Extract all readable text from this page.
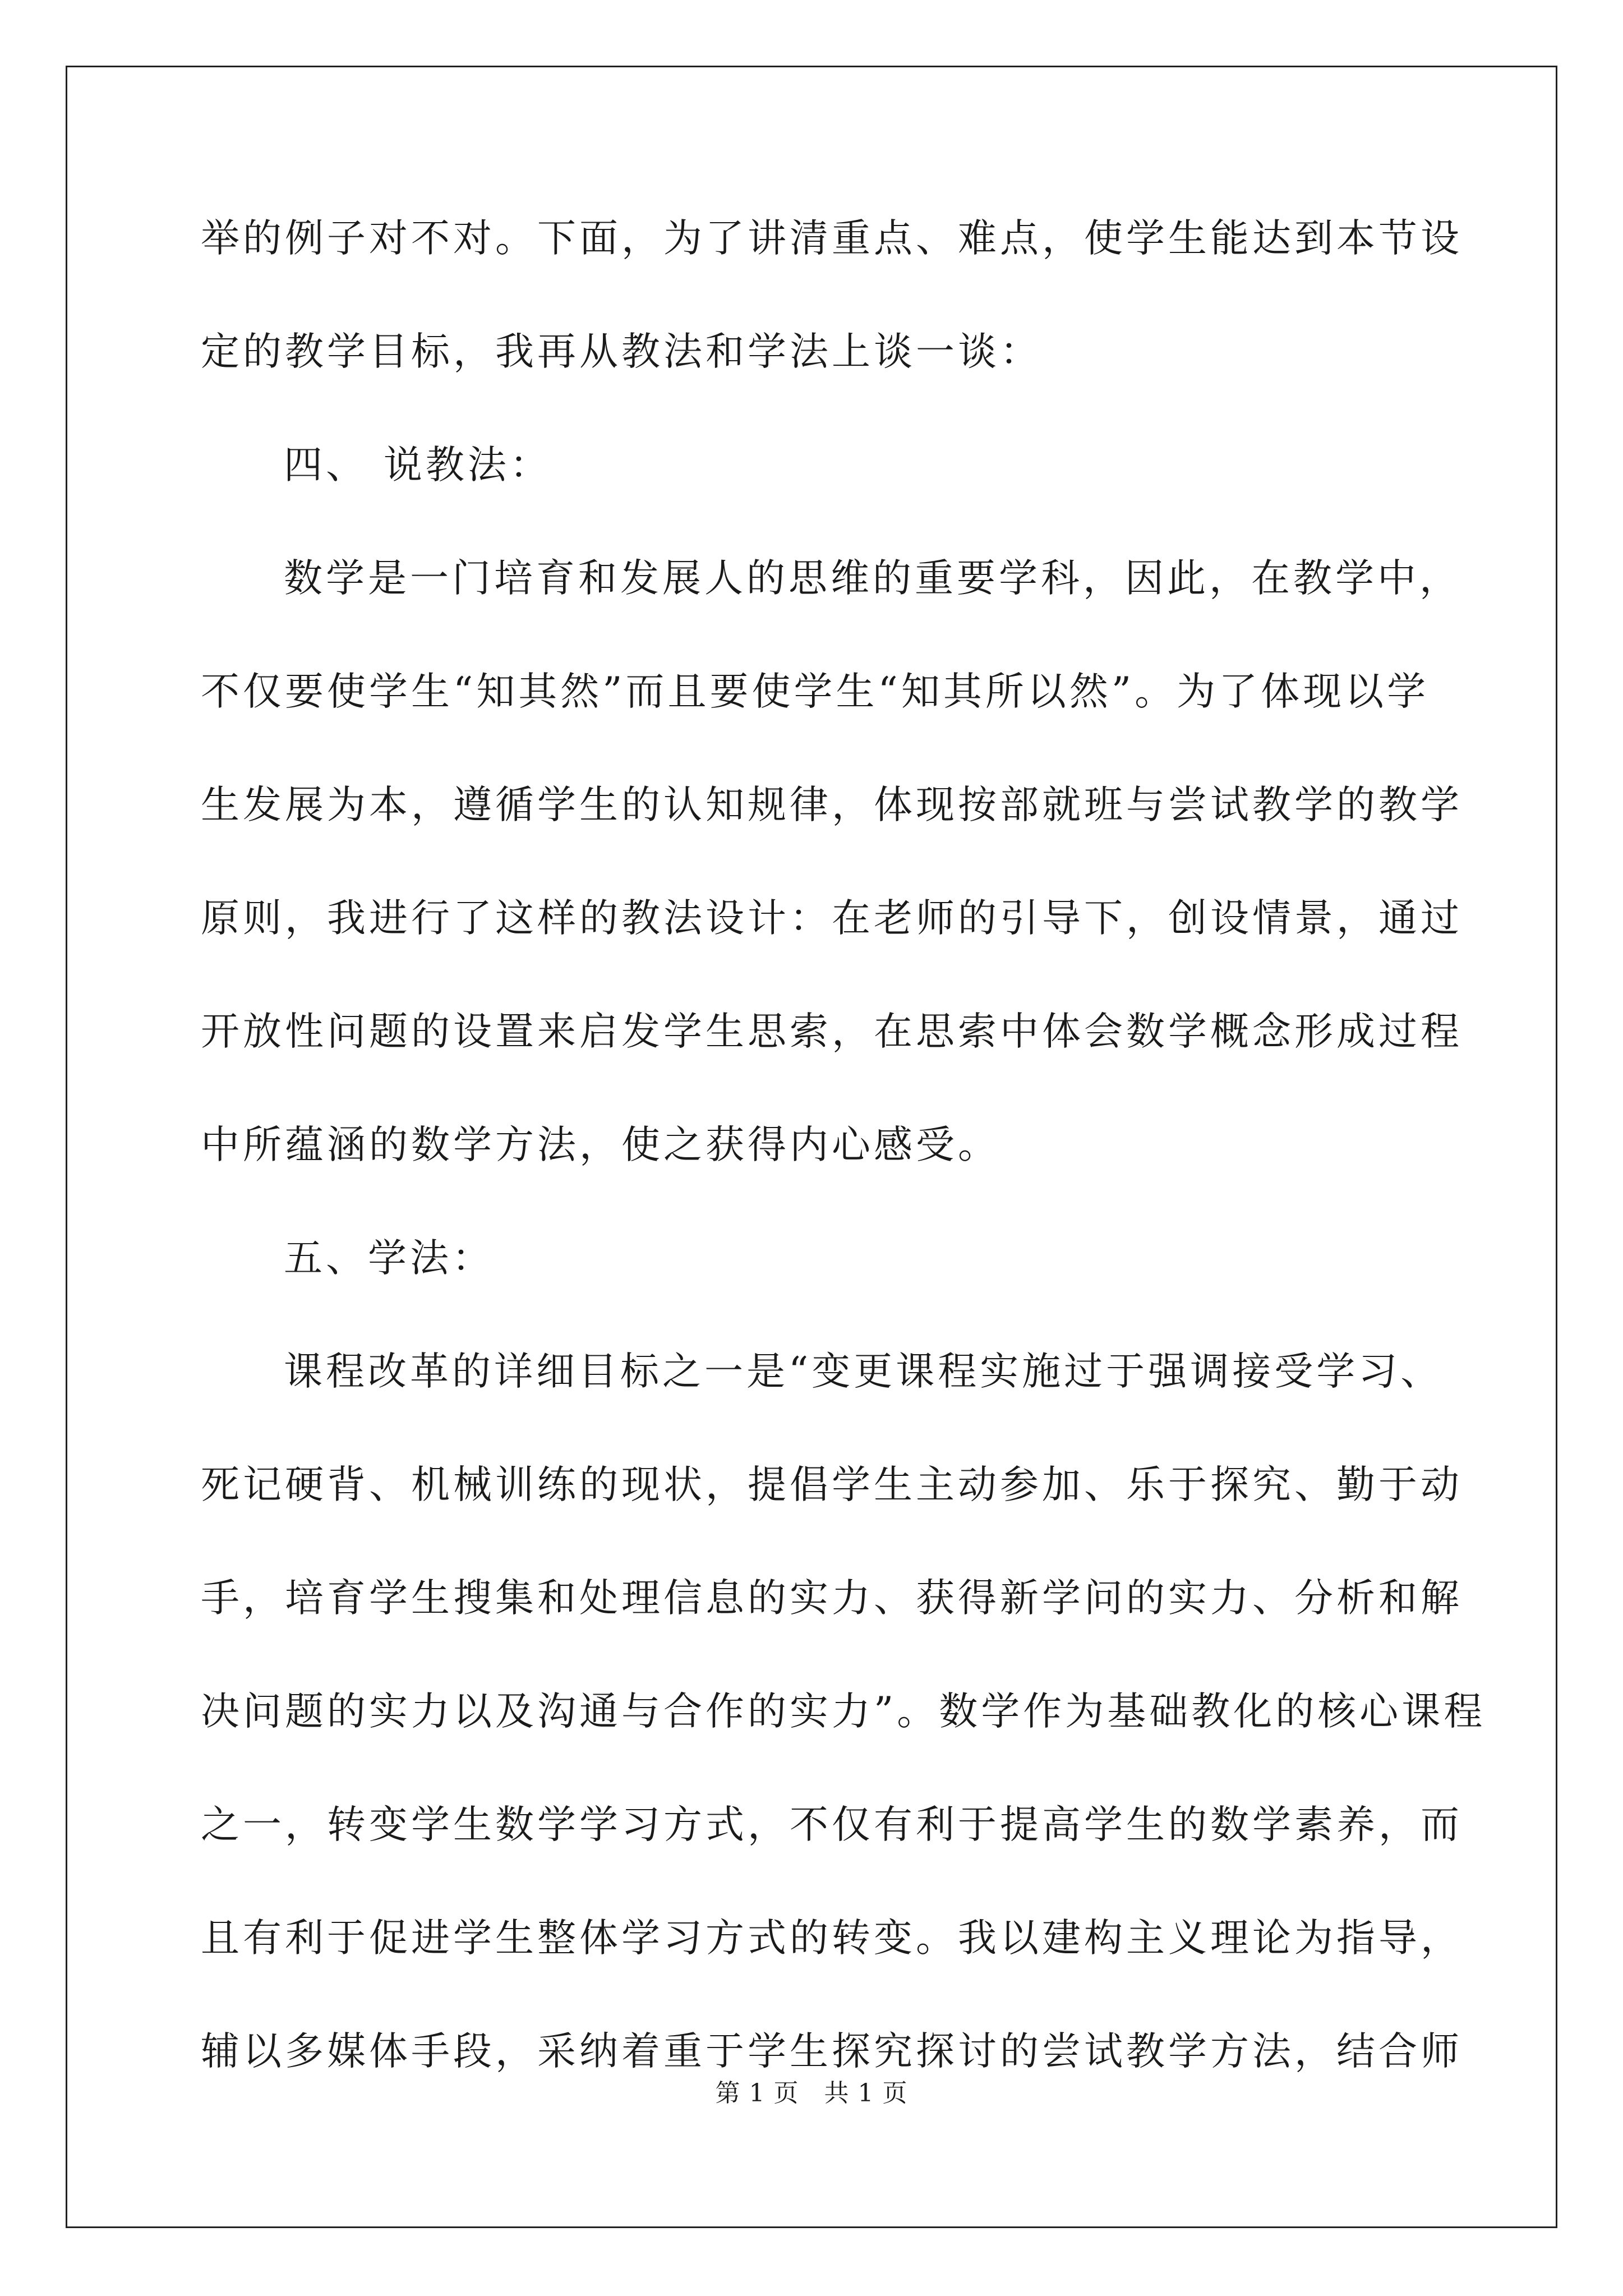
举的例子对不对。下面，为了讲清重点、难点，使学生能达到本节设
定的教学目标，我再从教法和学法上谈一谈：
四、 说教法：
数学是一门培育和发展人的思维的重要学科，因此，在教学中，
不仅要使学生“知其然”而且要使学生“知其所以然”。为了体现以学
生发展为本，遵循学生的认知规律，体现按部就班与尝试教学的教学
原则，我进行了这样的教法设计：在老师的引导下，创设情景，通过
开放性问题的设置来启发学生思索，在思索中体会数学概念形成过程
中所蕴涵的数学方法，使之获得内心感受。
五、学法：
课程改革的详细目标之一是“变更课程实施过于强调接受学习、
死记硬背、机械训练的现状，提倡学生主动参加、乐于探究、勤于动
手，培育学生搜集和处理信息的实力、获得新学问的实力、分析和解
决问题的实力以及沟通与合作的实力”。数学作为基础教化的核心课程
之一，转变学生数学学习方式，不仅有利于提高学生的数学素养，而
且有利于促进学生整体学习方式的转变。我以建构主义理论为指导，
辅以多媒体手段，采纳着重于学生探究探讨的尝试教学方法，结合师
第 1 页　共 1 页
